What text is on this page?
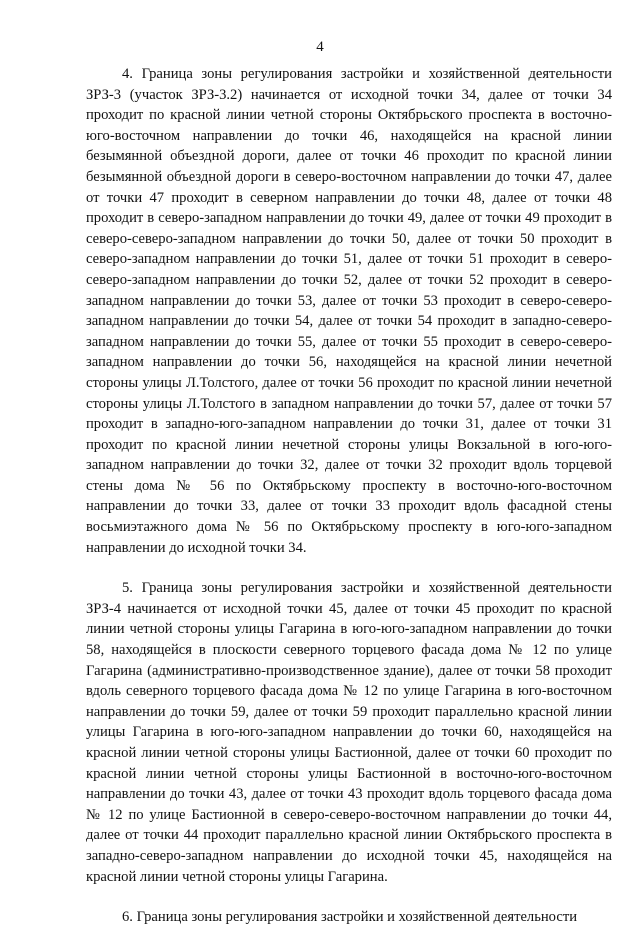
4

4. Граница зоны регулирования застройки и хозяйственной деятельности ЗРЗ-3 (участок ЗРЗ-3.2) начинается от исходной точки 34, далее от точки 34 проходит по красной линии четной стороны Октябрьского проспекта в восточно-юго-восточном направлении до точки 46, находящейся на красной линии безымянной объездной дороги, далее от точки 46 проходит по красной линии безымянной объездной дороги в северо-восточном направлении до точки 47, далее от точки 47 проходит в северном направлении до точки 48, далее от точки 48 проходит в северо-западном направлении до точки 49, далее от точки 49 проходит в северо-северо-западном направлении до точки 50, далее от точки 50 проходит в северо-западном направлении до точки 51, далее от точки 51 проходит в северо-северо-западном направлении до точки 52, далее от точки 52 проходит в северо-западном направлении до точки 53, далее от точки 53 проходит в северо-северо-западном направлении до точки 54, далее от точки 54 проходит в западно-северо-западном направлении до точки 55, далее от точки 55 проходит в северо-северо-западном направлении до точки 56, находящейся на красной линии нечетной стороны улицы Л.Толстого, далее от точки 56 проходит по красной линии нечетной стороны улицы Л.Толстого в западном направлении до точки 57, далее от точки 57 проходит в западно-юго-западном направлении до точки 31, далее от точки 31 проходит по красной линии нечетной стороны улицы Вокзальной в юго-юго-западном направлении до точки 32, далее от точки 32 проходит вдоль торцевой стены дома № 56 по Октябрьскому проспекту в восточно-юго-восточном направлении до точки 33, далее от точки 33 проходит вдоль фасадной стены восьмиэтажного дома № 56 по Октябрьскому проспекту в юго-юго-западном направлении до исходной точки 34.

5. Граница зоны регулирования застройки и хозяйственной деятельности ЗРЗ-4 начинается от исходной точки 45, далее от точки 45 проходит по красной линии четной стороны улицы Гагарина в юго-юго-западном направлении до точки 58, находящейся в плоскости северного торцевого фасада дома № 12 по улице Гагарина (административно-производственное здание), далее от точки 58 проходит вдоль северного торцевого фасада дома № 12 по улице Гагарина в юго-восточном направлении до точки 59, далее от точки 59 проходит параллельно красной линии улицы Гагарина в юго-юго-западном направлении до точки 60, находящейся на красной линии четной стороны улицы Бастионной, далее от точки 60 проходит по красной линии четной стороны улицы Бастионной в восточно-юго-восточном направлении до точки 43, далее от точки 43 проходит вдоль торцевого фасада дома № 12 по улице Бастионной в северо-северо-восточном направлении до точки 44, далее от точки 44 проходит параллельно красной линии Октябрьского проспекта в западно-северо-западном направлении до исходной точки 45, находящейся на красной линии четной стороны улицы Гагарина.

6. Граница зоны регулирования застройки и хозяйственной деятельности
